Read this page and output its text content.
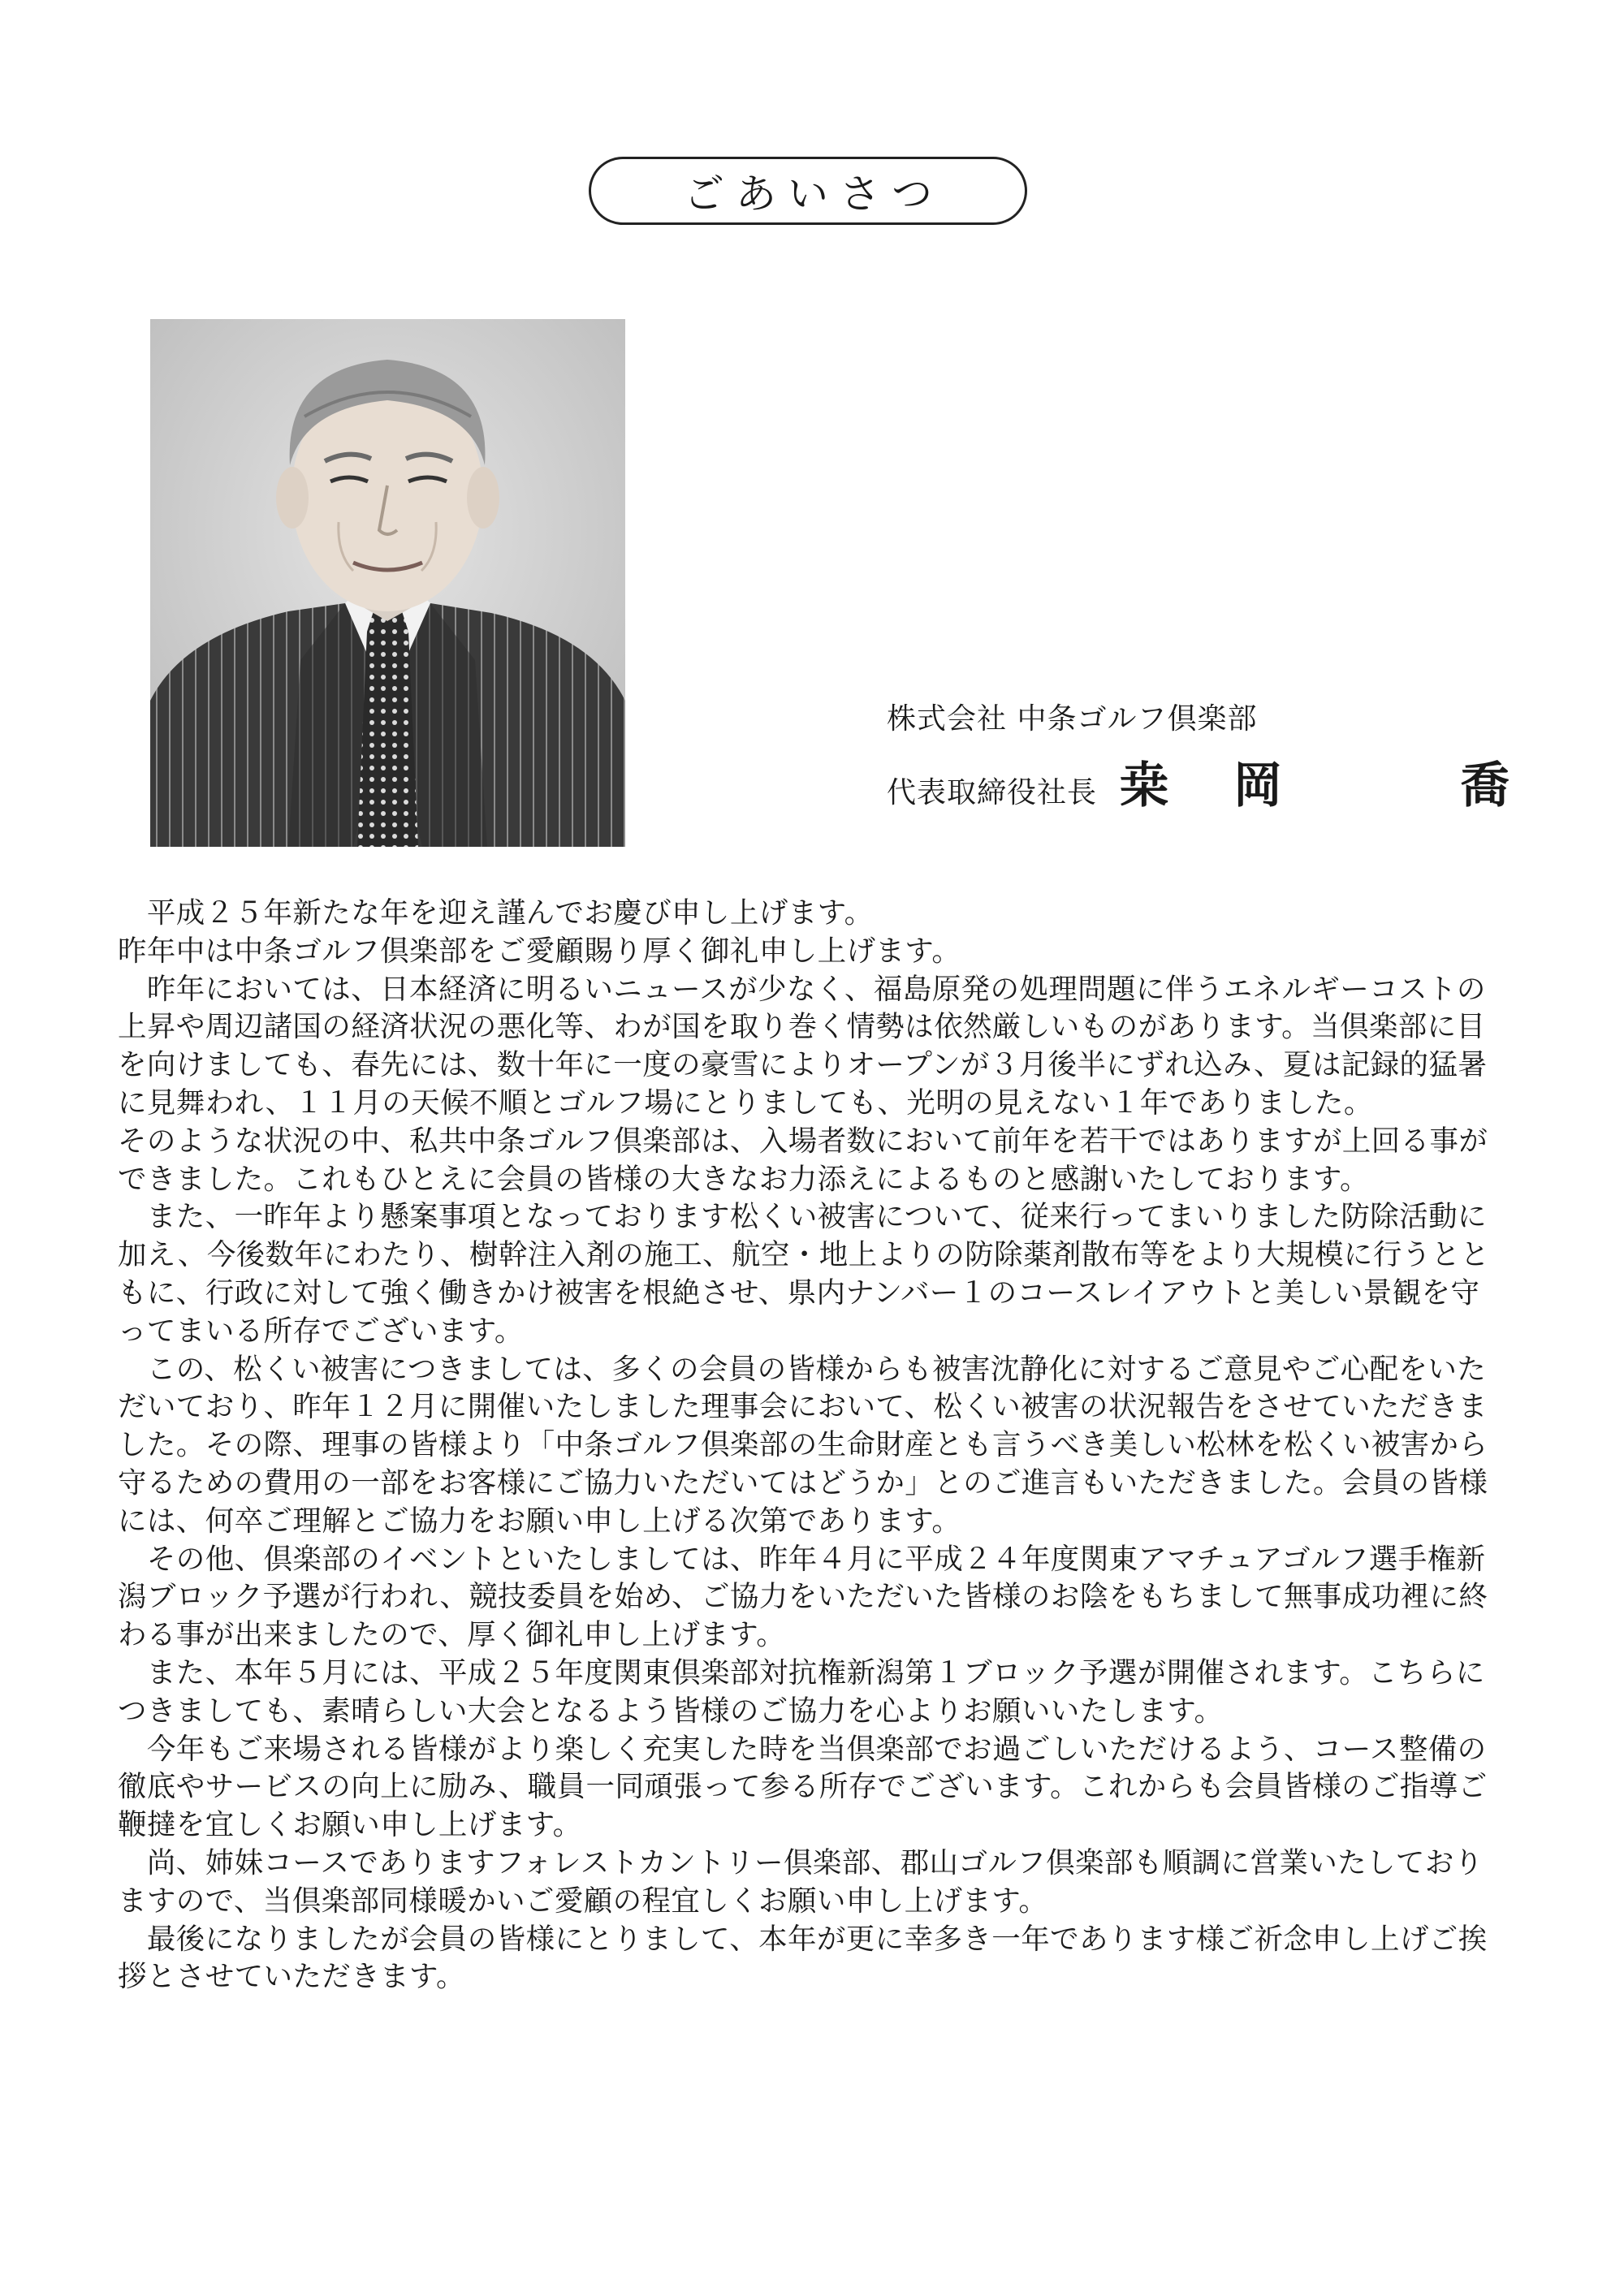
ごあいさつ
株式会社 中条ゴルフ倶楽部
代表取締役社長 桒　岡　　　喬

　平成２５年新たな年を迎え謹んでお慶び申し上げます。

昨年中は中条ゴルフ倶楽部をご愛顧賜り厚く御礼申し上げます。

　昨年においては、日本経済に明るいニュースが少なく、福島原発の処理問題に伴うエネルギーコストの上昇や周辺諸国の経済状況の悪化等、わが国を取り巻く情勢は依然厳しいものがあります。当倶楽部に目を向けましても、春先には、数十年に一度の豪雪によりオープンが３月後半にずれ込み、夏は記録的猛暑に見舞われ、１１月の天候不順とゴルフ場にとりましても、光明の見えない１年でありました。

そのような状況の中、私共中条ゴルフ倶楽部は、入場者数において前年を若干ではありますが上回る事ができました。これもひとえに会員の皆様の大きなお力添えによるものと感謝いたしております。

　また、一昨年より懸案事項となっております松くい被害について、従来行ってまいりました防除活動に加え、今後数年にわたり、樹幹注入剤の施工、航空・地上よりの防除薬剤散布等をより大規模に行うとともに、行政に対して強く働きかけ被害を根絶させ、県内ナンバー１のコースレイアウトと美しい景観を守ってまいる所存でございます。

　この、松くい被害につきましては、多くの会員の皆様からも被害沈静化に対するご意見やご心配をいただいており、昨年１２月に開催いたしました理事会において、松くい被害の状況報告をさせていただきました。その際、理事の皆様より「中条ゴルフ倶楽部の生命財産とも言うべき美しい松林を松くい被害から守るための費用の一部をお客様にご協力いただいてはどうか」とのご進言もいただきました。会員の皆様には、何卒ご理解とご協力をお願い申し上げる次第であります。

　その他、倶楽部のイベントといたしましては、昨年４月に平成２４年度関東アマチュアゴルフ選手権新潟ブロック予選が行われ、競技委員を始め、ご協力をいただいた皆様のお陰をもちまして無事成功裡に終わる事が出来ましたので、厚く御礼申し上げます。

　また、本年５月には、平成２５年度関東倶楽部対抗権新潟第１ブロック予選が開催されます。こちらにつきましても、素晴らしい大会となるよう皆様のご協力を心よりお願いいたします。

　今年もご来場される皆様がより楽しく充実した時を当倶楽部でお過ごしいただけるよう、コース整備の徹底やサービスの向上に励み、職員一同頑張って参る所存でございます。これからも会員皆様のご指導ご鞭撻を宜しくお願い申し上げます。

　尚、姉妹コースでありますフォレストカントリー倶楽部、郡山ゴルフ倶楽部も順調に営業いたしておりますので、当倶楽部同様暖かいご愛顧の程宜しくお願い申し上げます。

　最後になりましたが会員の皆様にとりまして、本年が更に幸多き一年であります様ご祈念申し上げご挨拶とさせていただきます。
